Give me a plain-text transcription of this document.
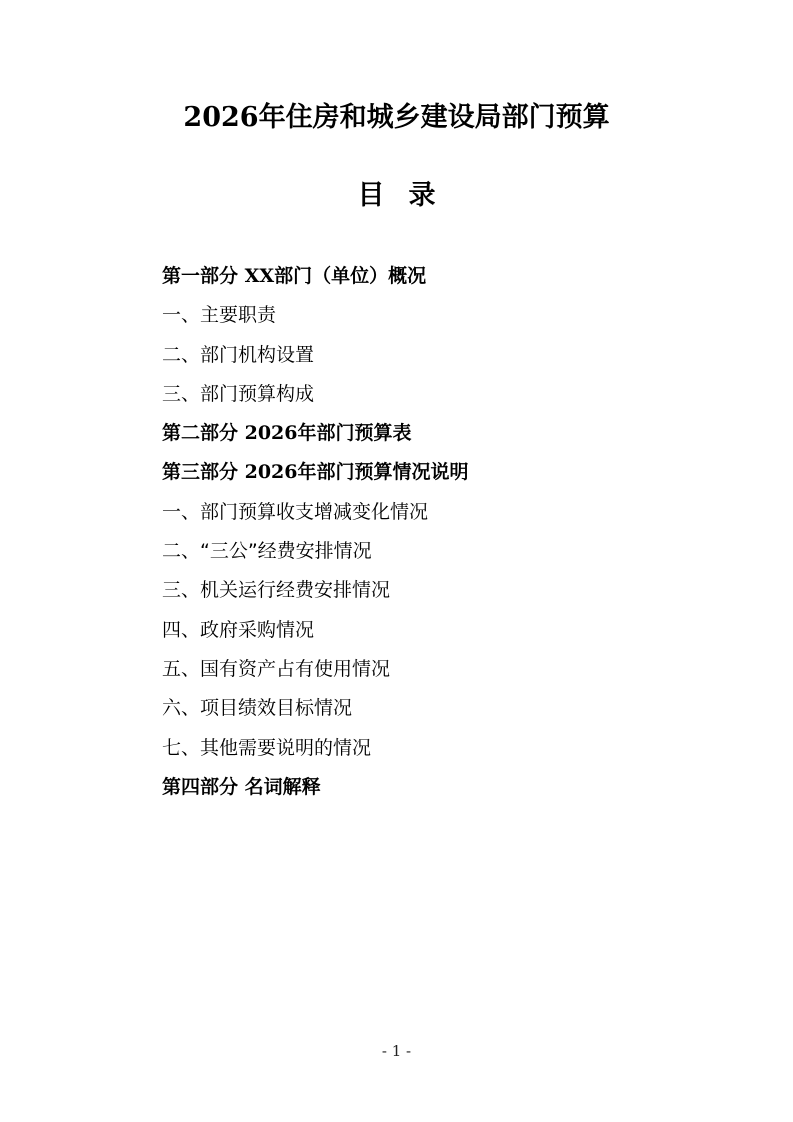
2026年住房和城乡建设局部门预算
目录
第一部分 XX部门（单位）概况
一、主要职责
二、部门机构设置
三、部门预算构成
第二部分 2026年部门预算表
第三部分 2026年部门预算情况说明
一、部门预算收支增减变化情况
二、“三公”经费安排情况
三、机关运行经费安排情况
四、政府采购情况
五、国有资产占有使用情况
六、项目绩效目标情况
七、其他需要说明的情况
第四部分 名词解释
- 1 -
